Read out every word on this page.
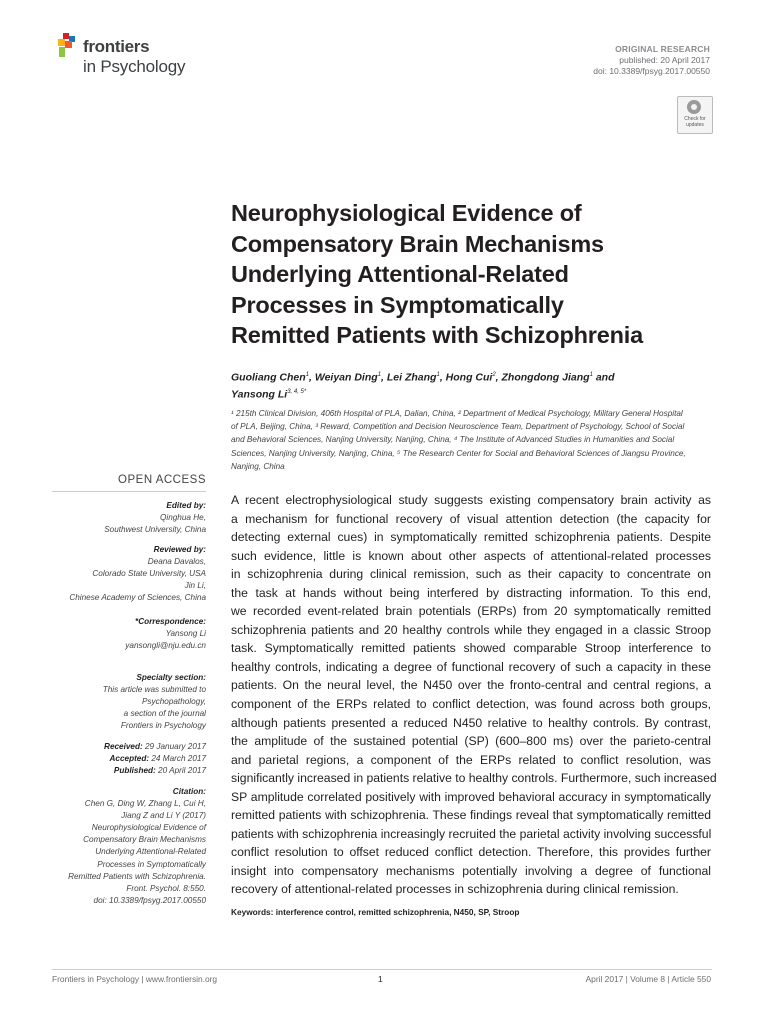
frontiers
in Psychology
ORIGINAL RESEARCH
published: 20 April 2017
doi: 10.3389/fpsyg.2017.00550
Check for updates
Neurophysiological Evidence of
Compensatory Brain Mechanisms
Underlying Attentional-Related
Processes in Symptomatically
Remitted Patients with Schizophrenia
Guoliang Chen$^1$, Weiyan Ding$^1$, Lei Zhang$^1$, Hong Cui$^2$, Zhongdong Jiang$^1$ and
Yansong $Li^{3, 4, 5*}$
¹ 215th Clinical Division, 406th Hospital of PLA, Dalian, China, ² Department of Medical Psychology, Military General Hospital
of PLA, Beijing, China, ³ Reward, Competition and Decision Neuroscience Team, Department of Psychology, School of Social
and Behavioral Sciences, Nanjing University, Nanjing, China, ⁴ The Institute of Advanced Studies in Humanities and Social
Sciences, Nanjing University, Nanjing, China, ⁵ The Research Center for Social and Behavioral Sciences of Jiangsu Province,
Nanjing, China
OPEN ACCESS
Edited by:
Qinghua He,
Southwest University, China
Reviewed by:
Deana Davalos,
Colorado State University, USA
Jin Li,
Chinese Academy of Sciences, China
*Correspondence:
Yansong Li
yansongli@nju.edu.cn
Specialty section:
This article was submitted to
Psychopathology,
a section of the journal
Frontiers in Psychology
Received: 29 January 2017
Accepted: 24 March 2017
Published: 20 April 2017
Citation:
Chen G, Ding W, Zhang L, Cui H,
Jiang Z and Li Y (2017)
Neurophysiological Evidence of
Compensatory Brain Mechanisms
Underlying Attentional-Related
Processes in Symptomatically
Remitted Patients with Schizophrenia.
Front. Psychol. 8:550.
doi: 10.3389/fpsyg.2017.00550
A recent electrophysiological study suggests existing compensatory brain activity as
a mechanism for functional recovery of visual attention detection (the capacity for
detecting external cues) in symptomatically remitted schizophrenia patients. Despite
such evidence, little is known about other aspects of attentional-related processes
in schizophrenia during clinical remission, such as their capacity to concentrate on
the task at hands without being interfered by distracting information. To this end,
we recorded event-related brain potentials (ERPs) from 20 symptomatically remitted
schizophrenia patients and 20 healthy controls while they engaged in a classic Stroop
task. Symptomatically remitted patients showed comparable Stroop interference to
healthy controls, indicating a degree of functional recovery of such a capacity in these
patients. On the neural level, the N450 over the fronto-central and central regions, a
component of the ERPs related to conflict detection, was found across both groups,
although patients presented a reduced N450 relative to healthy controls. By contrast,
the amplitude of the sustained potential (SP) (600–800 ms) over the parieto-central
and parietal regions, a component of the ERPs related to conflict resolution, was
significantly increased in patients relative to healthy controls. Furthermore, such increased
SP amplitude correlated positively with improved behavioral accuracy in symptomatically
remitted patients with schizophrenia. These findings reveal that symptomatically remitted
patients with schizophrenia increasingly recruited the parietal activity involving successful
conflict resolution to offset reduced conflict detection. Therefore, this provides further
insight into compensatory mechanisms potentially involving a degree of functional
recovery of attentional-related processes in schizophrenia during clinical remission.
Keywords: interference control, remitted schizophrenia, N450, SP, Stroop
Frontiers in Psychology | www.frontiersin.org	1	April 2017 | Volume 8 | Article 550
